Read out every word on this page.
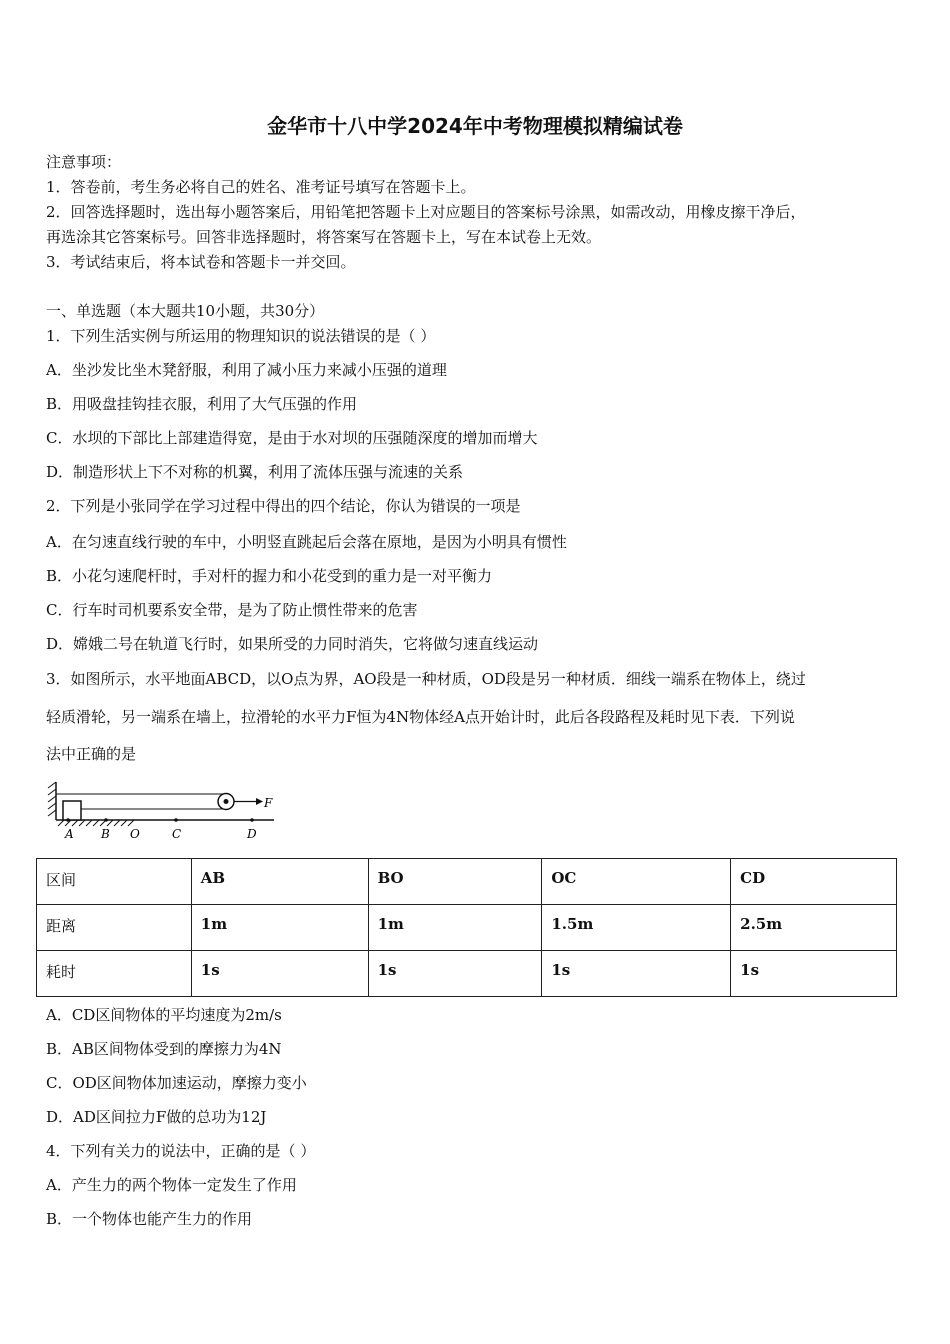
金华市十八中学2024年中考物理模拟精编试卷
注意事项：
1．答卷前，考生务必将自己的姓名、准考证号填写在答题卡上。
2．回答选择题时，选出每小题答案后，用铅笔把答题卡上对应题目的答案标号涂黑，如需改动，用橡皮擦干净后，
再选涂其它答案标号。回答非选择题时，将答案写在答题卡上，写在本试卷上无效。
3．考试结束后，将本试卷和答题卡一并交回。
一、单选题（本大题共10小题，共30分）
1．下列生活实例与所运用的物理知识的说法错误的是（ ）
A．坐沙发比坐木凳舒服，利用了减小压力来减小压强的道理
B．用吸盘挂钩挂衣服，利用了大气压强的作用
C．水坝的下部比上部建造得宽，是由于水对坝的压强随深度的增加而增大
D．制造形状上下不对称的机翼，利用了流体压强与流速的关系
2．下列是小张同学在学习过程中得出的四个结论，你认为错误的一项是
A．在匀速直线行驶的车中，小明竖直跳起后会落在原地，是因为小明具有惯性
B．小花匀速爬杆时，手对杆的握力和小花受到的重力是一对平衡力
C．行车时司机要系安全带，是为了防止惯性带来的危害
D．嫦娥二号在轨道飞行时，如果所受的力同时消失，它将做匀速直线运动
3．如图所示，水平地面ABCD，以O点为界，AO段是一种材质，OD段是另一种材质．细线一端系在物体上，绕过
轻质滑轮，另一端系在墙上，拉滑轮的水平力F恒为4N物体经A点开始计时，此后各段路程及耗时见下表．下列说
法中正确的是
F
A B O	C	D
区间	AB	BO	OC	CD
距离	1m	1m	1.5m	2.5m
耗时	1s	1s	1s	1s
A．CD区间物体的平均速度为2m/s
B．AB区间物体受到的摩擦力为4N
C．OD区间物体加速运动，摩擦力变小
D．AD区间拉力F做的总功为12J
4．下列有关力的说法中，正确的是（ ）
A．产生力的两个物体一定发生了作用
B．一个物体也能产生力的作用
